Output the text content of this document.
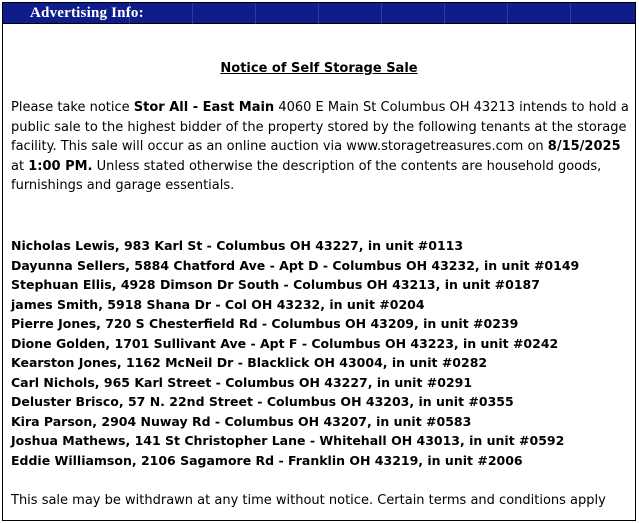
Advertising Info:
Notice of Self Storage Sale
Please take notice Stor All - East Main 4060 E Main St Columbus OH 43213 intends to hold a public sale to the highest bidder of the property stored by the following tenants at the storage facility. This sale will occur as an online auction via www.storagetreasures.com on 8/15/2025 at 1:00 PM. Unless stated otherwise the description of the contents are household goods, furnishings and garage essentials.
Nicholas Lewis, 983 Karl St - Columbus OH 43227, in unit #0113
Dayunna Sellers, 5884 Chatford Ave - Apt D - Columbus OH 43232, in unit #0149
Stephuan Ellis, 4928 Dimson Dr South - Columbus OH 43213, in unit #0187
james Smith, 5918 Shana Dr - Col OH 43232, in unit #0204
Pierre Jones, 720 S Chesterfield Rd - Columbus OH 43209, in unit #0239
Dione Golden, 1701 Sullivant Ave - Apt F - Columbus OH 43223, in unit #0242
Kearston Jones, 1162 McNeil Dr - Blacklick OH 43004, in unit #0282
Carl Nichols, 965 Karl Street - Columbus OH 43227, in unit #0291
Deluster Brisco, 57 N. 22nd Street - Columbus OH 43203, in unit #0355
Kira Parson, 2904 Nuway Rd - Columbus OH 43207, in unit #0583
Joshua Mathews, 141 St Christopher Lane - Whitehall OH 43013, in unit #0592
Eddie Williamson, 2106 Sagamore Rd - Franklin OH 43219, in unit #2006
This sale may be withdrawn at any time without notice. Certain terms and conditions apply
